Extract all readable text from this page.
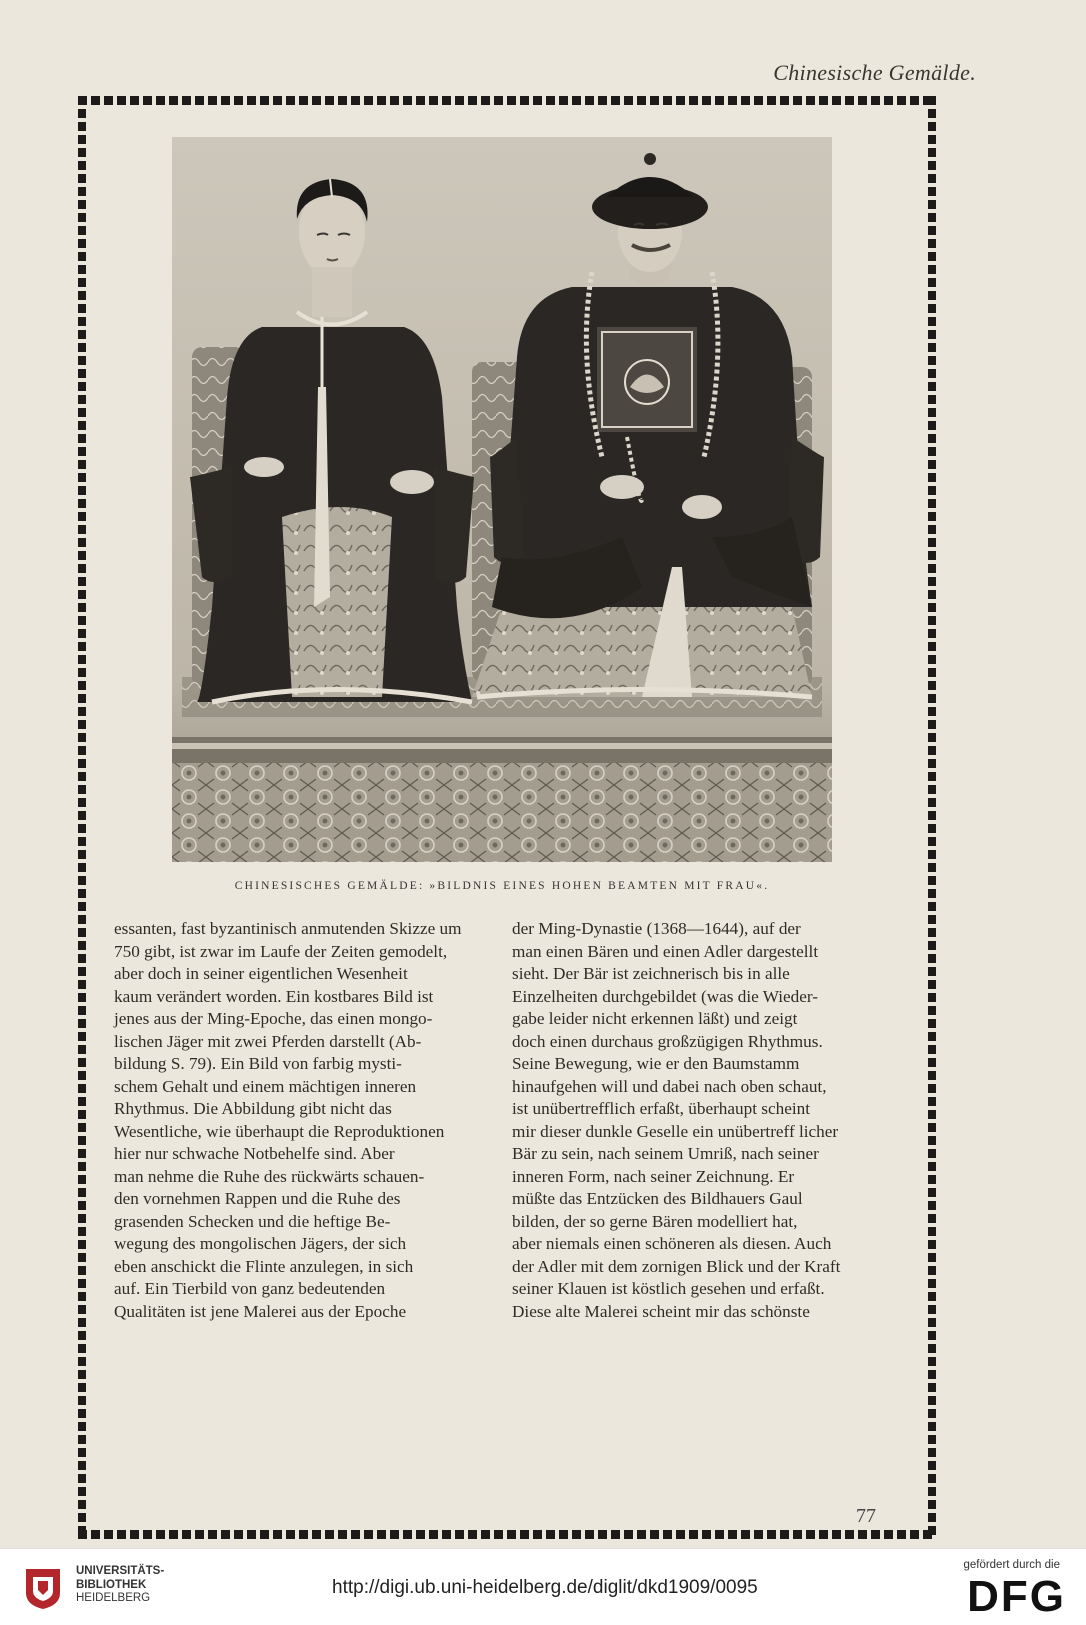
Chinesische Gemälde.
CHINESISCHES GEMÄLDE: »BILDNIS EINES HOHEN BEAMTEN MIT FRAU«.

essanten, fast byzantinisch anmutenden Skizze um

750 gibt, ist zwar im Laufe der Zeiten gemodelt,

aber doch in seiner eigentlichen Wesenheit

kaum verändert worden. Ein kostbares Bild ist

jenes aus der Ming-Epoche, das einen mongo-

lischen Jäger mit zwei Pferden darstellt (Ab-

bildung S. 79). Ein Bild von farbig mysti-

schem Gehalt und einem mächtigen inneren

Rhythmus. Die Abbildung gibt nicht das

Wesentliche, wie überhaupt die Reproduktionen

hier nur schwache Notbehelfe sind. Aber

man nehme die Ruhe des rückwärts schauen-

den vornehmen Rappen und die Ruhe des

grasenden Schecken und die heftige Be-

wegung des mongolischen Jägers, der sich

eben anschickt die Flinte anzulegen, in sich

auf. Ein Tierbild von ganz bedeutenden

Qualitäten ist jene Malerei aus der Epoche

der Ming-Dynastie (1368—1644), auf der

man einen Bären und einen Adler dargestellt

sieht. Der Bär ist zeichnerisch bis in alle

Einzelheiten durchgebildet (was die Wieder-

gabe leider nicht erkennen läßt) und zeigt

doch einen durchaus großzügigen Rhythmus.

Seine Bewegung, wie er den Baumstamm

hinaufgehen will und dabei nach oben schaut,

ist unübertrefflich erfaßt, überhaupt scheint

mir dieser dunkle Geselle ein unübertreff licher

Bär zu sein, nach seinem Umriß, nach seiner

inneren Form, nach seiner Zeichnung. Er

müßte das Entzücken des Bildhauers Gaul

bilden, der so gerne Bären modelliert hat,

aber niemals einen schöneren als diesen. Auch

der Adler mit dem zornigen Blick und der Kraft

seiner Klauen ist köstlich gesehen und erfaßt.

Diese alte Malerei scheint mir das schönste

77
UNIVERSITÄTS-
BIBLIOTHEK
HEIDELBERG	http://digi.ub.uni-heidelberg.de/diglit/dkd1909/0095
gefördert durch die
DFG
